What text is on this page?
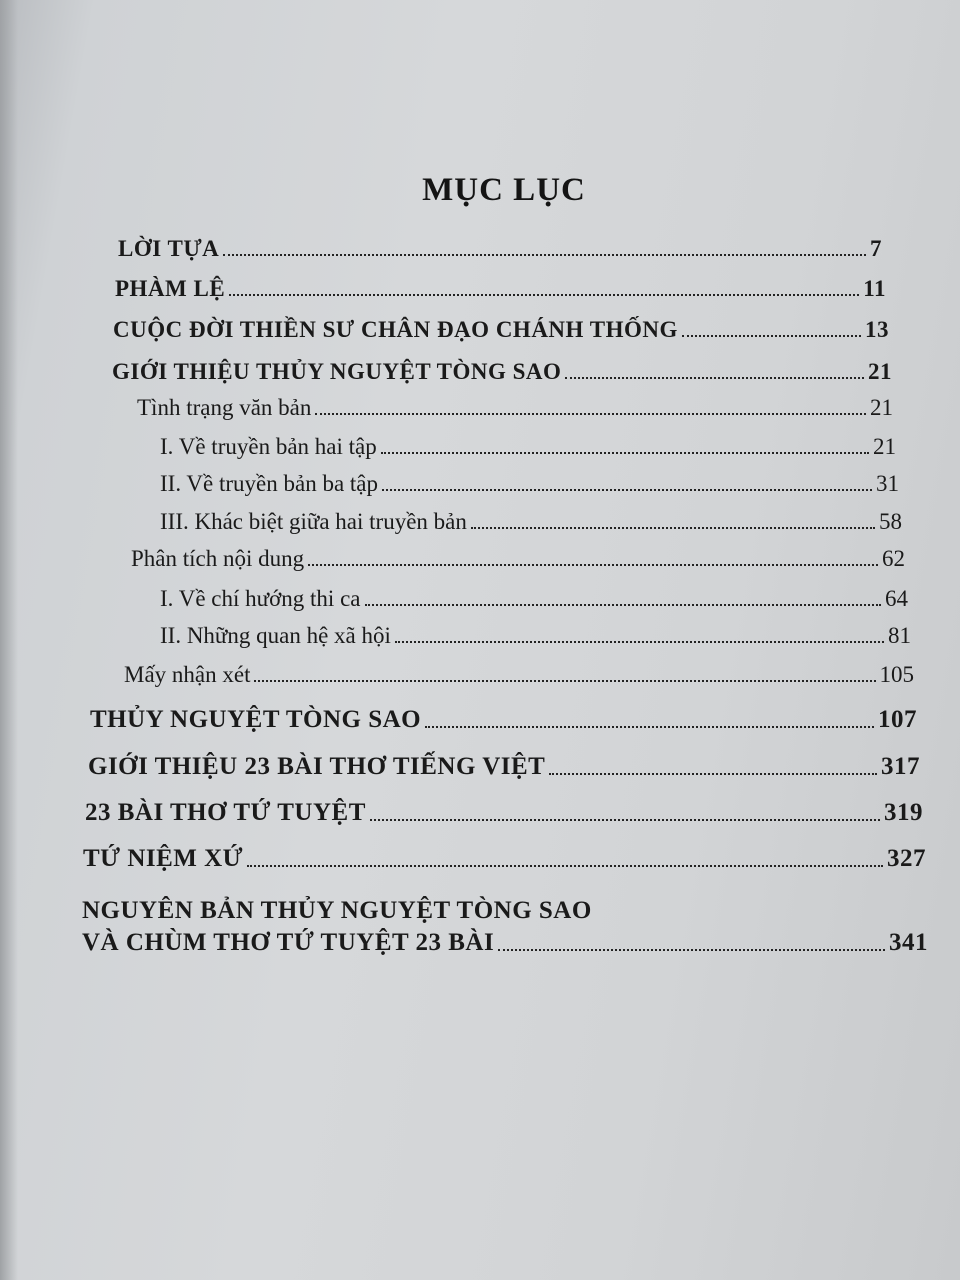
MỤC LỤC
LỜI TỰA	7
PHÀM LỆ	11
CUỘC ĐỜI THIỀN SƯ CHÂN ĐẠO CHÁNH THỐNG	13
GIỚI THIỆU THỦY NGUYỆT TÒNG SAO	21
Tình trạng văn bản	21
I. Về truyền bản hai tập	21
II. Về truyền bản ba tập	31
III. Khác biệt giữa hai truyền bản	58
Phân tích nội dung	62
I. Về chí hướng thi ca	64
II. Những quan hệ xã hội	81
Mấy nhận xét	105
THỦY NGUYỆT TÒNG SAO	107
GIỚI THIỆU 23 BÀI THƠ TIẾNG VIỆT	317
23 BÀI THƠ TỨ TUYỆT	319
TỨ NIỆM XỨ	327
NGUYÊN BẢN THỦY NGUYỆT TÒNG SAO
VÀ CHÙM THƠ TỨ TUYỆT 23 BÀI	341
